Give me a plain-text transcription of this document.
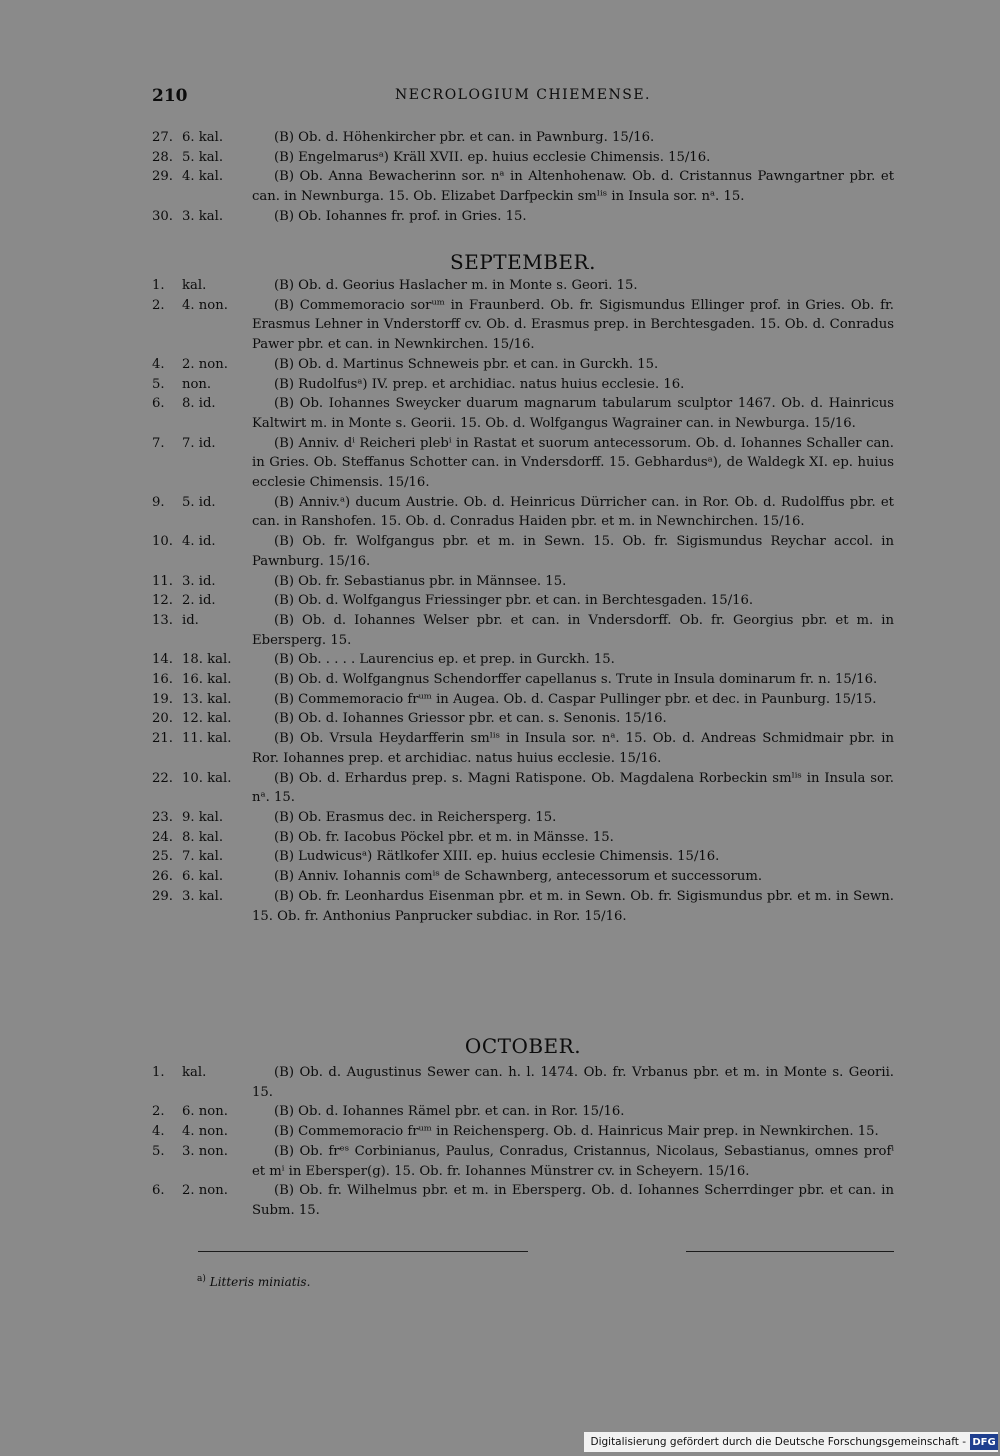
210	NECROLOGIUM CHIEMENSE.
27. 6. kal.	(B) Ob. d. Höhenkircher pbr. et can. in Pawnburg. 15/16.
28. 5. kal.	(B) Engelmarusᵃ) Kräll XVII. ep. huius ecclesie Chimensis. 15/16.
29. 4. kal.	(B) Ob. Anna Bewacherinn sor. nᵃ in Altenhohenaw. Ob. d. Cristannus Pawngartner pbr. et can. in Newnburga. 15. Ob. Elizabet Darfpeckin smˡⁱˢ in Insula sor. nᵃ. 15.
30. 3. kal.	(B) Ob. Iohannes fr. prof. in Gries. 15.
SEPTEMBER.
1.	kal.	(B) Ob. d. Georius Haslacher m. in Monte s. Geori. 15.
2.	4. non.	(B) Commemoracio sorᵘᵐ in Fraunberd. Ob. fr. Sigismundus Ellinger prof. in Gries. Ob. fr. Erasmus Lehner in Vnderstorff cv. Ob. d. Erasmus prep. in Berchtesgaden. 15. Ob. d. Conradus Pawer pbr. et can. in Newnkirchen. 15/16.
4.	2. non.	(B) Ob. d. Martinus Schneweis pbr. et can. in Gurckh. 15.
5.	non.	(B) Rudolfusᵃ) IV. prep. et archidiac. natus huius ecclesie. 16.
6.	8. id.	(B) Ob. Iohannes Sweycker duarum magnarum tabularum sculptor 1467. Ob. d. Hainricus Kaltwirt m. in Monte s. Georii. 15. Ob. d. Wolfgangus Wagrainer can. in Newburga. 15/16.
7.	7. id.	(B) Anniv. dⁱ Reicheri plebⁱ in Rastat et suorum antecessorum. Ob. d. Iohannes Schaller can. in Gries. Ob. Steffanus Schotter can. in Vndersdorff. 15. Gebhardusᵃ), de Waldegk XI. ep. huius ecclesie Chimensis. 15/16.
9.	5. id.	(B) Anniv.ᵃ) ducum Austrie. Ob. d. Heinricus Dürricher can. in Ror. Ob. d. Rudolffus pbr. et can. in Ranshofen. 15. Ob. d. Conradus Haiden pbr. et m. in Newnchirchen. 15/16.
10. 4. id.	(B) Ob. fr. Wolfgangus pbr. et m. in Sewn. 15. Ob. fr. Sigismundus Reychar accol. in Pawnburg. 15/16.
11. 3. id.	(B) Ob. fr. Sebastianus pbr. in Männsee. 15.
12. 2. id.	(B) Ob. d. Wolfgangus Friessinger pbr. et can. in Berchtesgaden. 15/16.
13. id.	(B) Ob. d. Iohannes Welser pbr. et can. in Vndersdorff. Ob. fr. Georgius pbr. et m. in Ebersperg. 15.
14. 18. kal.	(B) Ob. . . . . Laurencius ep. et prep. in Gurckh. 15.
16. 16. kal.	(B) Ob. d. Wolfgangnus Schendorffer capellanus s. Trute in Insula dominarum fr. n. 15/16.
19. 13. kal.	(B) Commemoracio frᵘᵐ in Augea. Ob. d. Caspar Pullinger pbr. et dec. in Paunburg. 15/15.
20. 12. kal.	(B) Ob. d. Iohannes Griessor pbr. et can. s. Senonis. 15/16.
21. 11. kal.	(B) Ob. Vrsula Heydarfferin smˡⁱˢ in Insula sor. nᵃ. 15. Ob. d. Andreas Schmidmair pbr. in Ror. Iohannes prep. et archidiac. natus huius ecclesie. 15/16.
22. 10. kal.	(B) Ob. d. Erhardus prep. s. Magni Ratispone. Ob. Magdalena Rorbeckin smˡⁱˢ in Insula sor. nᵃ. 15.
23. 9. kal.	(B) Ob. Erasmus dec. in Reichersperg. 15.
24. 8. kal.	(B) Ob. fr. Iacobus Pöckel pbr. et m. in Mänsse. 15.
25. 7. kal.	(B) Ludwicusᵃ) Rätlkofer XIII. ep. huius ecclesie Chimensis. 15/16.
26. 6. kal.	(B) Anniv. Iohannis comⁱˢ de Schawnberg, antecessorum et successorum.
29. 3. kal.	(B) Ob. fr. Leonhardus Eisenman pbr. et m. in Sewn. Ob. fr. Sigismundus pbr. et m. in Sewn. 15. Ob. fr. Anthonius Panprucker subdiac. in Ror. 15/16.
OCTOBER.
1.	kal.	(B) Ob. d. Augustinus Sewer can. h. l. 1474. Ob. fr. Vrbanus pbr. et m. in Monte s. Georii. 15.
2.	6. non.	(B) Ob. d. Iohannes Rämel pbr. et can. in Ror. 15/16.
4.	4. non.	(B) Commemoracio frᵘᵐ in Reichensperg. Ob. d. Hainricus Mair prep. in Newnkirchen. 15.
5.	3. non.	(B) Ob. frᵉˢ Corbinianus, Paulus, Conradus, Cristannus, Nicolaus, Sebastianus, omnes profⁱ et mⁱ in Ebersper(g). 15. Ob. fr. Iohannes Münstrer cv. in Scheyern. 15/16.
6.	2. non.	(B) Ob. fr. Wilhelmus pbr. et m. in Ebersperg. Ob. d. Iohannes Scherrdinger pbr. et can. in Subm. 15.
$^{a)}$ Litteris miniatis.
Digitalisierung gefördert durch die Deutsche Forschungsgemeinschaft - DFG
